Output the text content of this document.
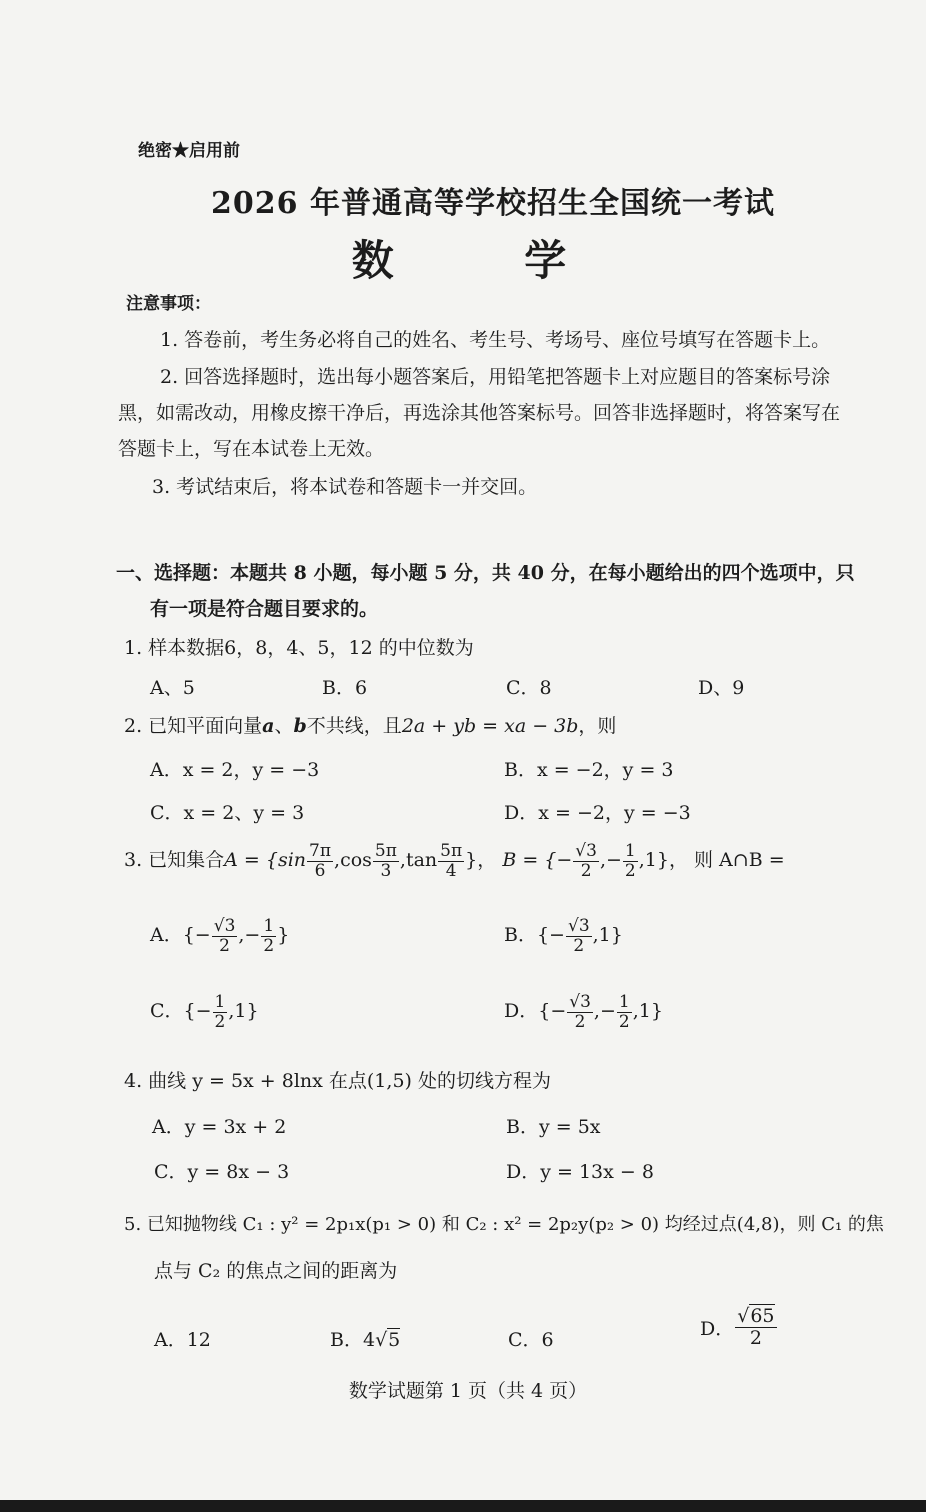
绝密★启用前
2026 年普通高等学校招生全国统一考试
数 学
注意事项：
1. 答卷前，考生务必将自己的姓名、考生号、考场号、座位号填写在答题卡上。
2. 回答选择题时，选出每小题答案后，用铅笔把答题卡上对应题目的答案标号涂
黑，如需改动，用橡皮擦干净后，再选涂其他答案标号。回答非选择题时，将答案写在
答题卡上，写在本试卷上无效。
3. 考试结束后，将本试卷和答题卡一并交回。
一、选择题：本题共 8 小题，每小题 5 分，共 40 分，在每小题给出的四个选项中，只
有一项是符合题目要求的。
1. 样本数据6，8，4、5，12 的中位数为
A、5	B．6	C．8	D、9
2. 已知平面向量a、b不共线，且2a + yb = xa − 3b，则
A．x = 2，y = −3	B．x = −2，y = 3
C．x = 2、y = 3	D．x = −2，y = −3
3. 已知集合$A = \{\sin \frac{7\pi}{6} ,\cos \frac{5\pi}{3} ,\tan \frac{5\pi}{4}$ }， B = {− $\frac{√3}{2}$ ,− $\frac{1}{2} ,1$}， 则 A∩B =
A．{− $\frac{√3}{2}$ ,− $\frac{1}{2}$ }	B．{− $\frac{√3}{2} ,1$}
C．{− $\frac{1}{2} ,1$}	D．{− $\frac{√3}{2}$ ,− $\frac{1}{2} ,1$}
4. 曲线 y = 5x + 8lnx 在点(1,5) 处的切线方程为
A．y = 3x + 2	B．y = 5x
C．y = 8x − 3	D．y = 13x − 8
5. 已知抛物线 C₁ : y² = 2p₁x(p₁ > 0) 和 C₂ : x² = 2p₂y(p₂ > 0) 均经过点(4,8)，则 C₁ 的焦
点与 C₂ 的焦点之间的距离为
A．12	B．4√5	C．6
D． $\frac{√65}{2}$
数学试题第 1 页（共 4 页）
